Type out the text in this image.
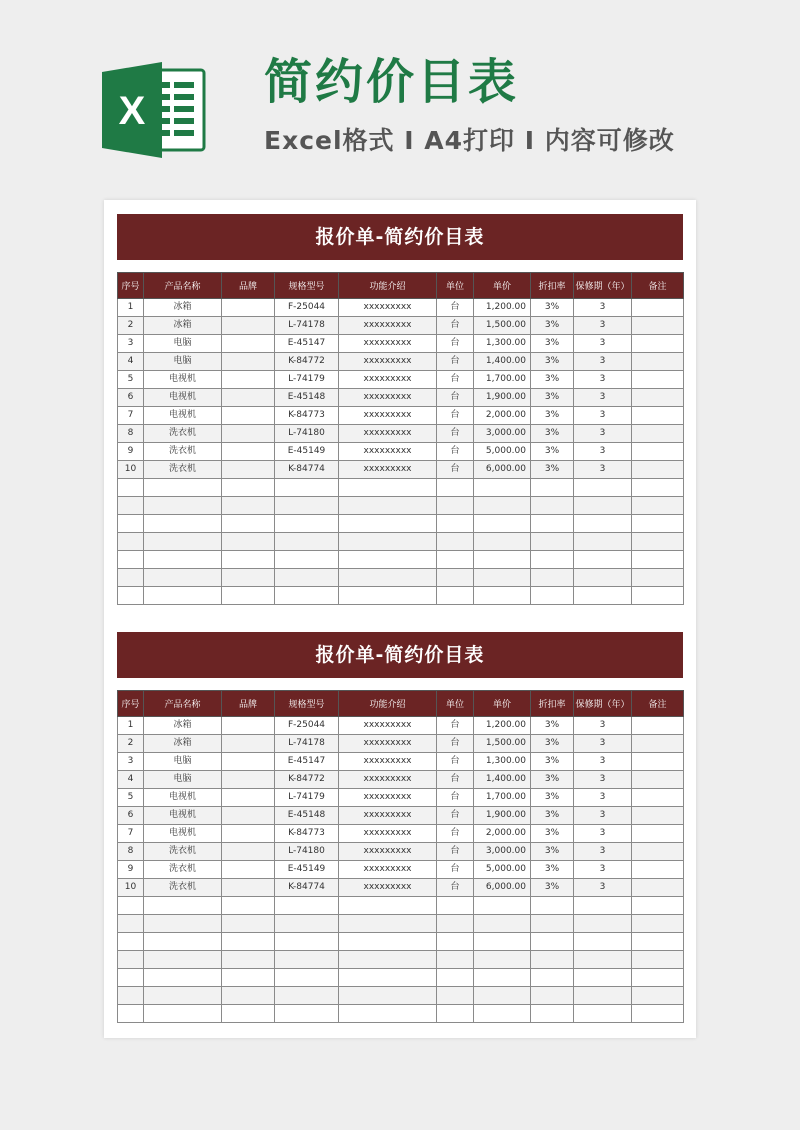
X
简约价目表
Excel格式 I A4打印 I 内容可修改
报价单-简约价目表
序号	产品名称	品牌	规格型号	功能介绍	单位	单价	折扣率	保修期（年）	备注
1	冰箱		F-25044	xxxxxxxxx	台	1,200.00	3%	3	
2	冰箱		L-74178	xxxxxxxxx	台	1,500.00	3%	3	
3	电脑		E-45147	xxxxxxxxx	台	1,300.00	3%	3	
4	电脑		K-84772	xxxxxxxxx	台	1,400.00	3%	3	
5	电视机		L-74179	xxxxxxxxx	台	1,700.00	3%	3	
6	电视机		E-45148	xxxxxxxxx	台	1,900.00	3%	3	
7	电视机		K-84773	xxxxxxxxx	台	2,000.00	3%	3	
8	洗衣机		L-74180	xxxxxxxxx	台	3,000.00	3%	3	
9	洗衣机		E-45149	xxxxxxxxx	台	5,000.00	3%	3	
10	洗衣机		K-84774	xxxxxxxxx	台	6,000.00	3%	3	

报价单-简约价目表
序号	产品名称	品牌	规格型号	功能介绍	单位	单价	折扣率	保修期（年）	备注
1	冰箱		F-25044	xxxxxxxxx	台	1,200.00	3%	3	
2	冰箱		L-74178	xxxxxxxxx	台	1,500.00	3%	3	
3	电脑		E-45147	xxxxxxxxx	台	1,300.00	3%	3	
4	电脑		K-84772	xxxxxxxxx	台	1,400.00	3%	3	
5	电视机		L-74179	xxxxxxxxx	台	1,700.00	3%	3	
6	电视机		E-45148	xxxxxxxxx	台	1,900.00	3%	3	
7	电视机		K-84773	xxxxxxxxx	台	2,000.00	3%	3	
8	洗衣机		L-74180	xxxxxxxxx	台	3,000.00	3%	3	
9	洗衣机		E-45149	xxxxxxxxx	台	5,000.00	3%	3	
10	洗衣机		K-84774	xxxxxxxxx	台	6,000.00	3%	3	
